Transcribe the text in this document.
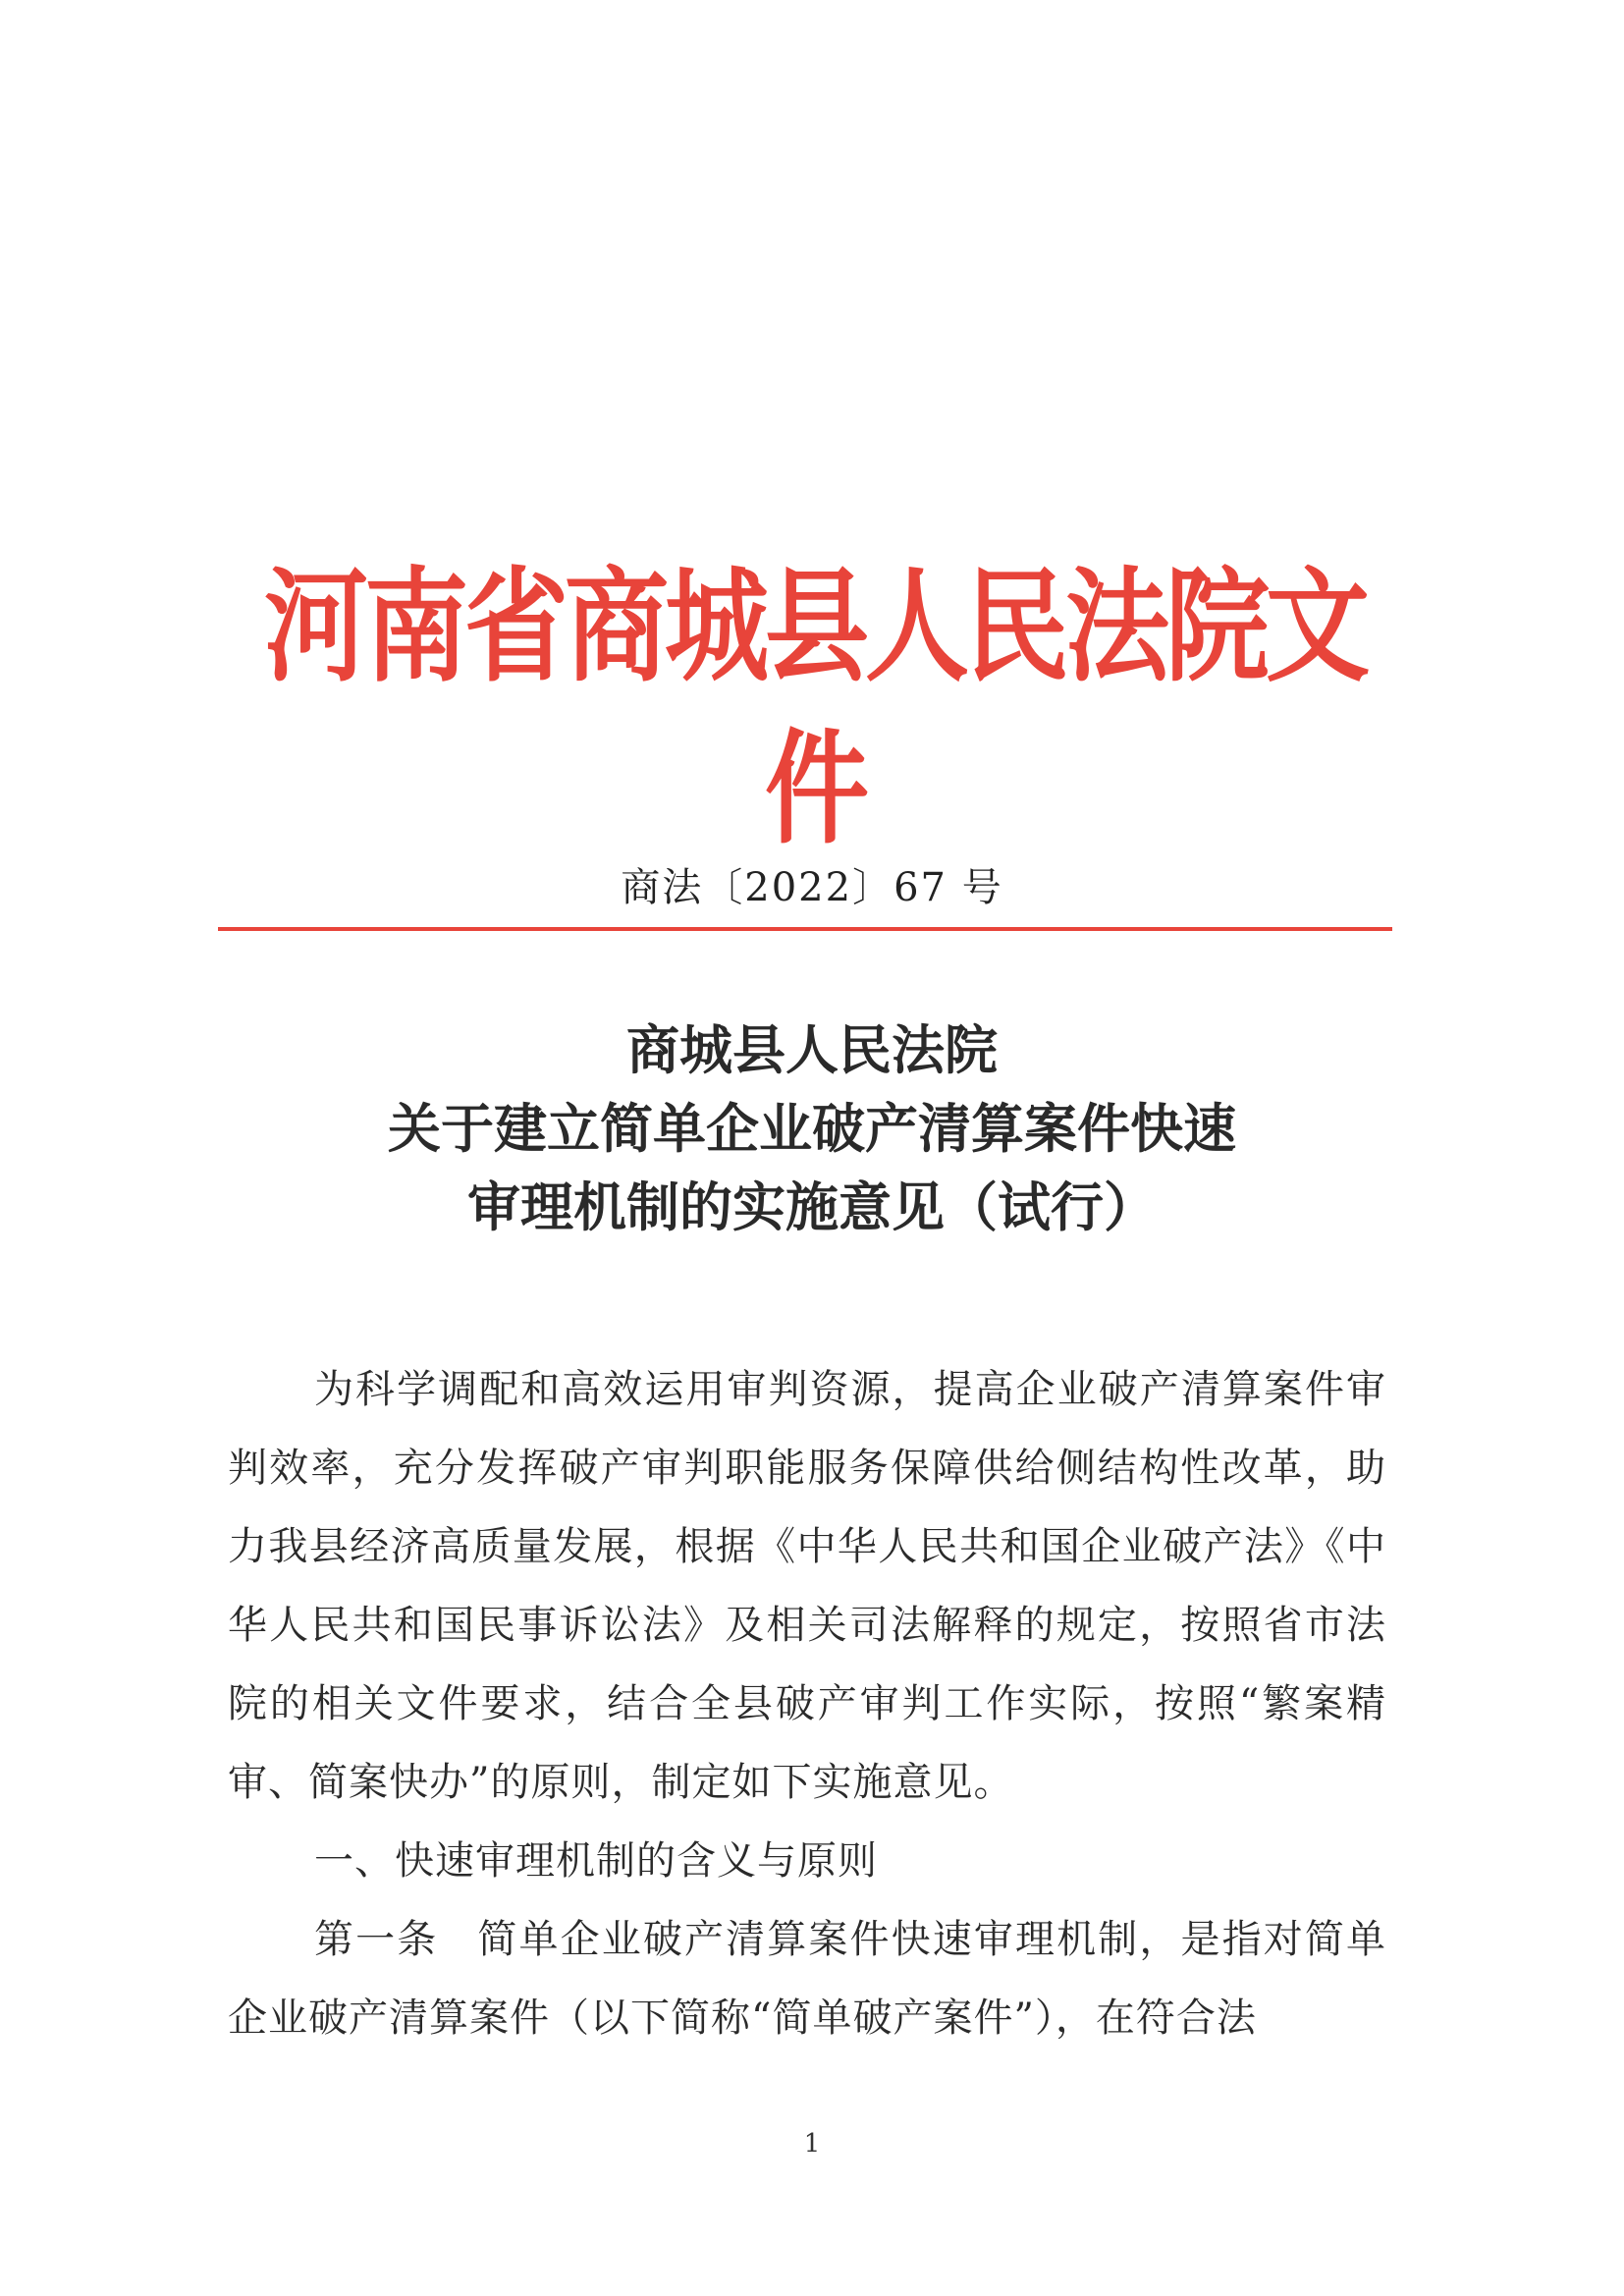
河南省商城县人民法院文件
商法〔2022〕67 号
商城县人民法院
关于建立简单企业破产清算案件快速
审理机制的实施意见（试行）

为科学调配和高效运用审判资源，提高企业破产清算案件审判效率，充分发挥破产审判职能服务保障供给侧结构性改革，助力我县经济高质量发展，根据《中华人民共和国企业破产法》《中华人民共和国民事诉讼法》及相关司法解释的规定，按照省市法院的相关文件要求，结合全县破产审判工作实际，按照“繁案精审、简案快办”的原则，制定如下实施意见。

一、快速审理机制的含义与原则

第一条 简单企业破产清算案件快速审理机制，是指对简单企业破产清算案件（以下简称“简单破产案件”），在符合法

1
